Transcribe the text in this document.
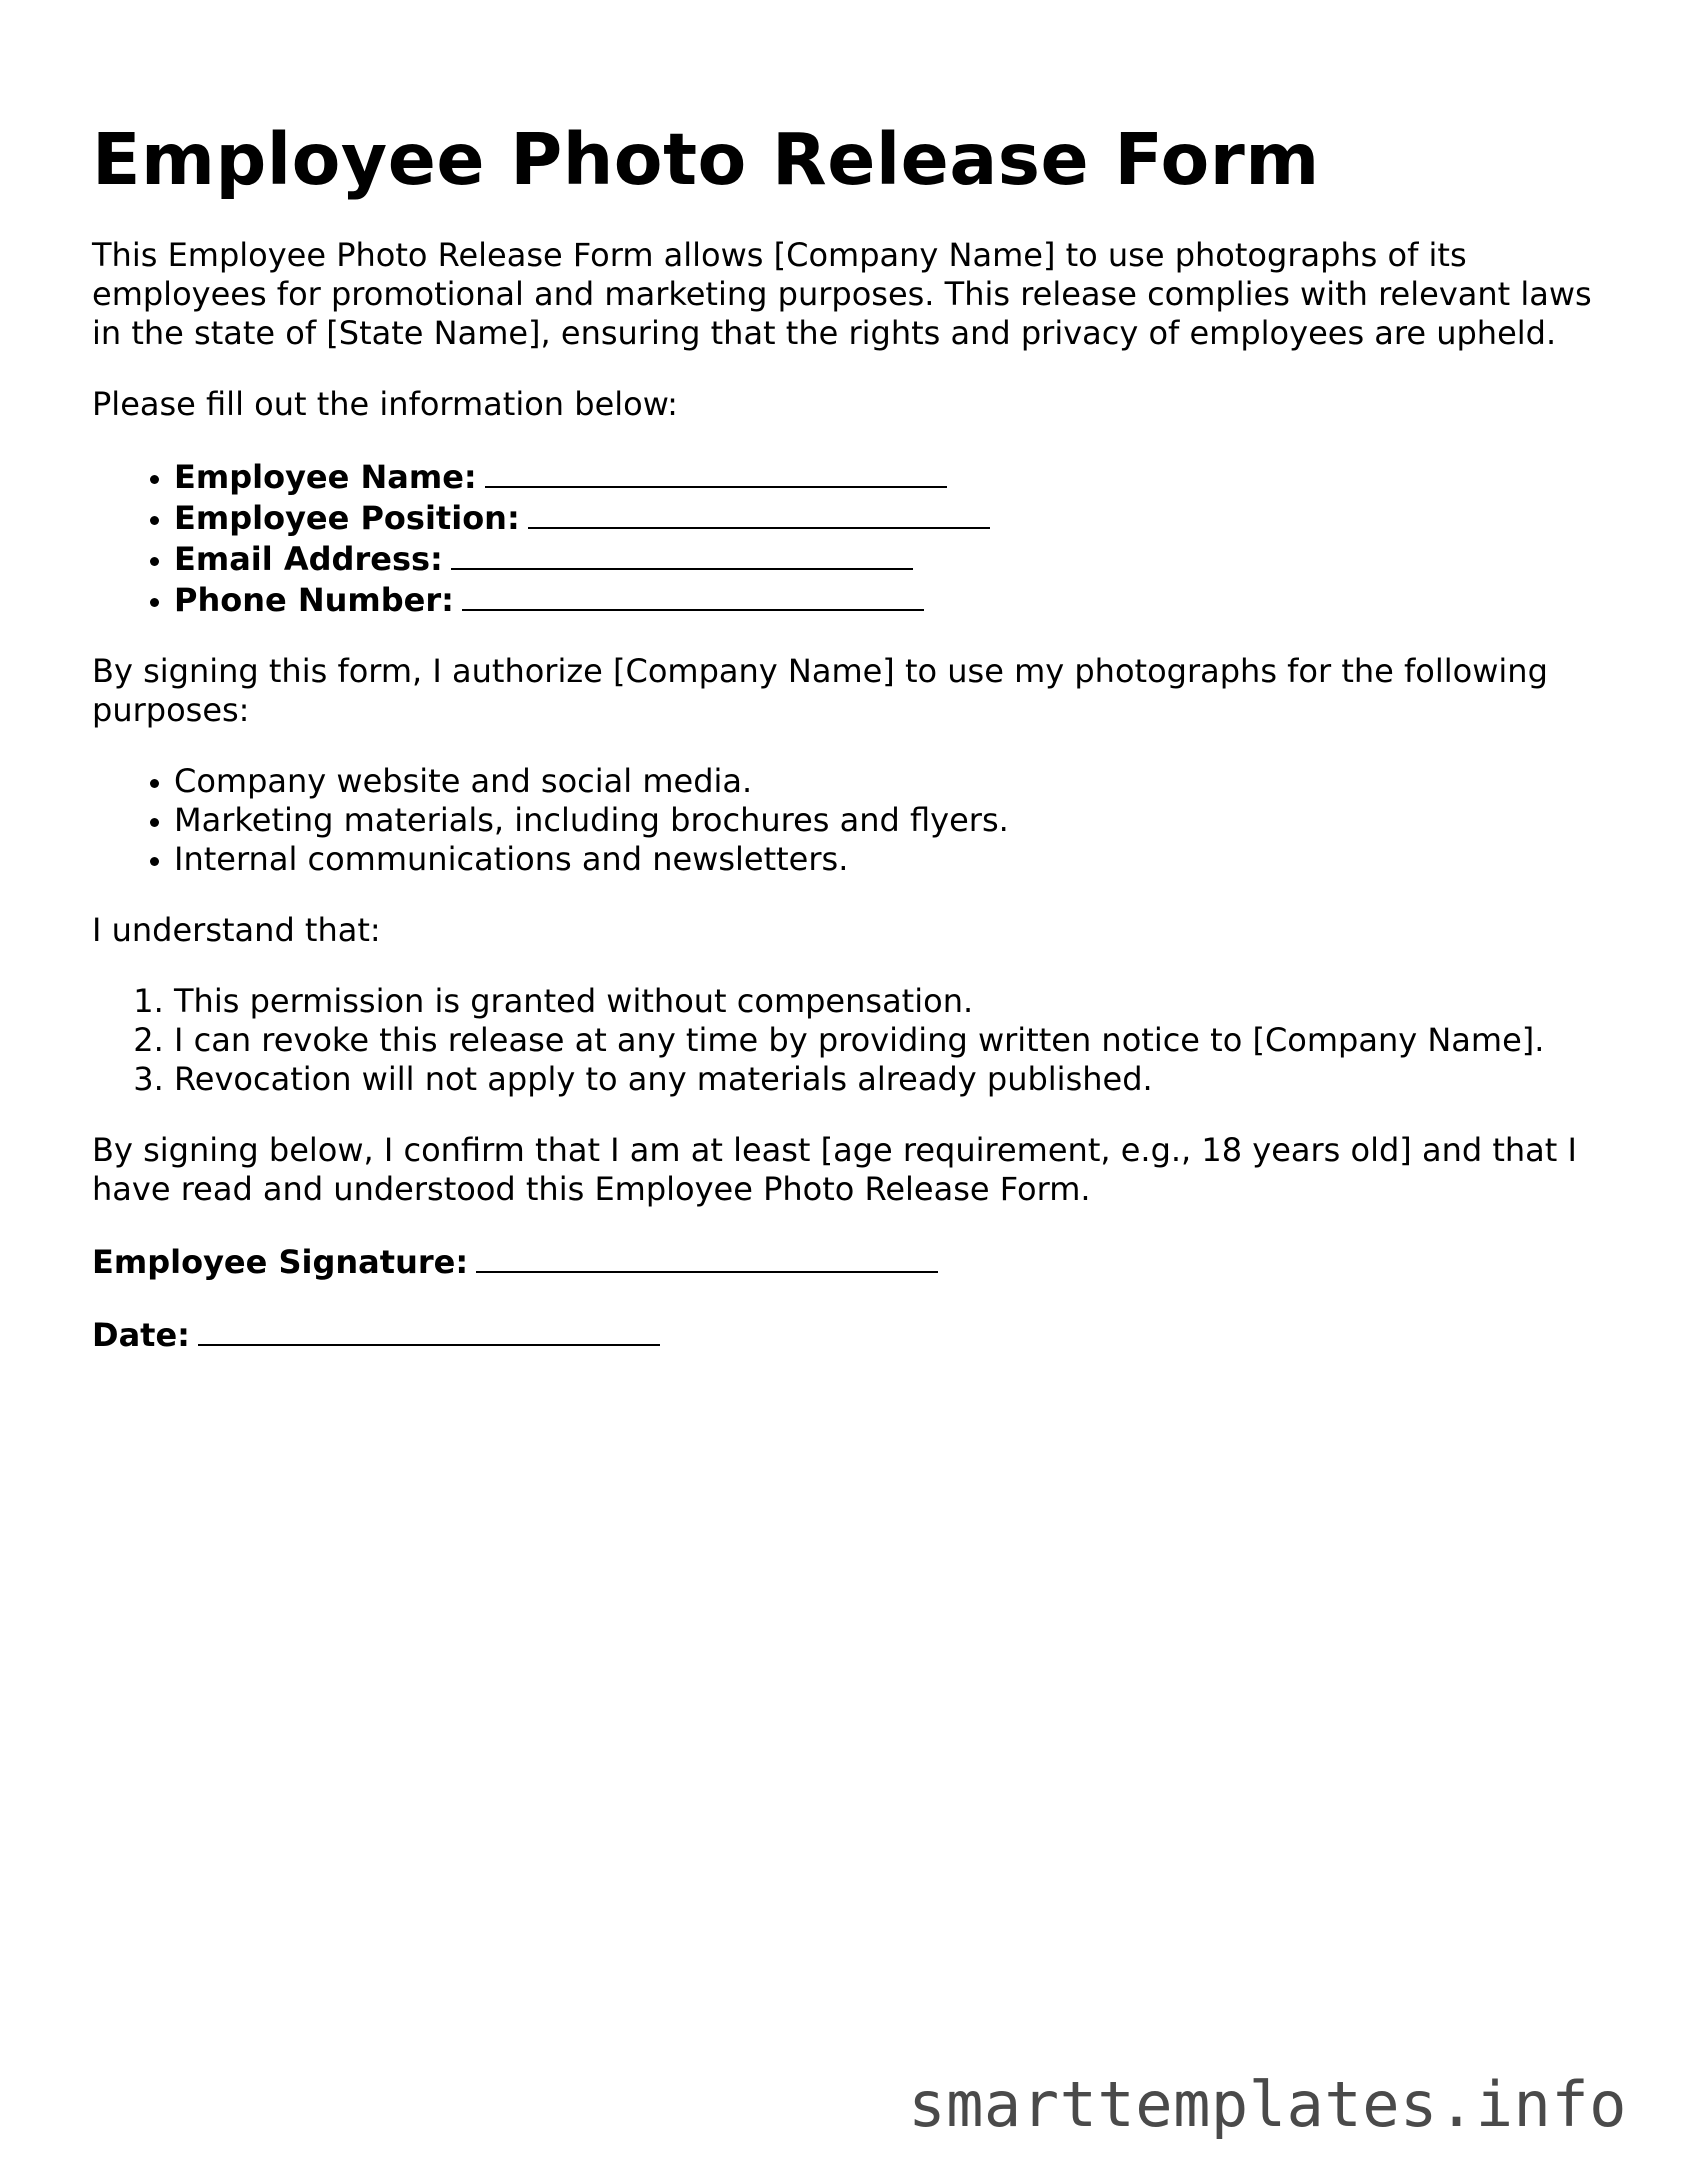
Employee Photo Release Form

This Employee Photo Release Form allows [Company Name] to use photographs of its employees for promotional and marketing purposes. This release complies with relevant laws in the state of [State Name], ensuring that the rights and privacy of employees are upheld.

Please fill out the information below:

• Employee Name:
• Employee Position:
• Email Address:
• Phone Number:

By signing this form, I authorize [Company Name] to use my photographs for the following purposes:

• Company website and social media.
• Marketing materials, including brochures and flyers.
• Internal communications and newsletters.

I understand that:

1. This permission is granted without compensation.
2. I can revoke this release at any time by providing written notice to [Company Name].
3. Revocation will not apply to any materials already published.

By signing below, I confirm that I am at least [age requirement, e.g., 18 years old] and that I have read and understood this Employee Photo Release Form.

Employee Signature:

Date:

smarttemplates.info
